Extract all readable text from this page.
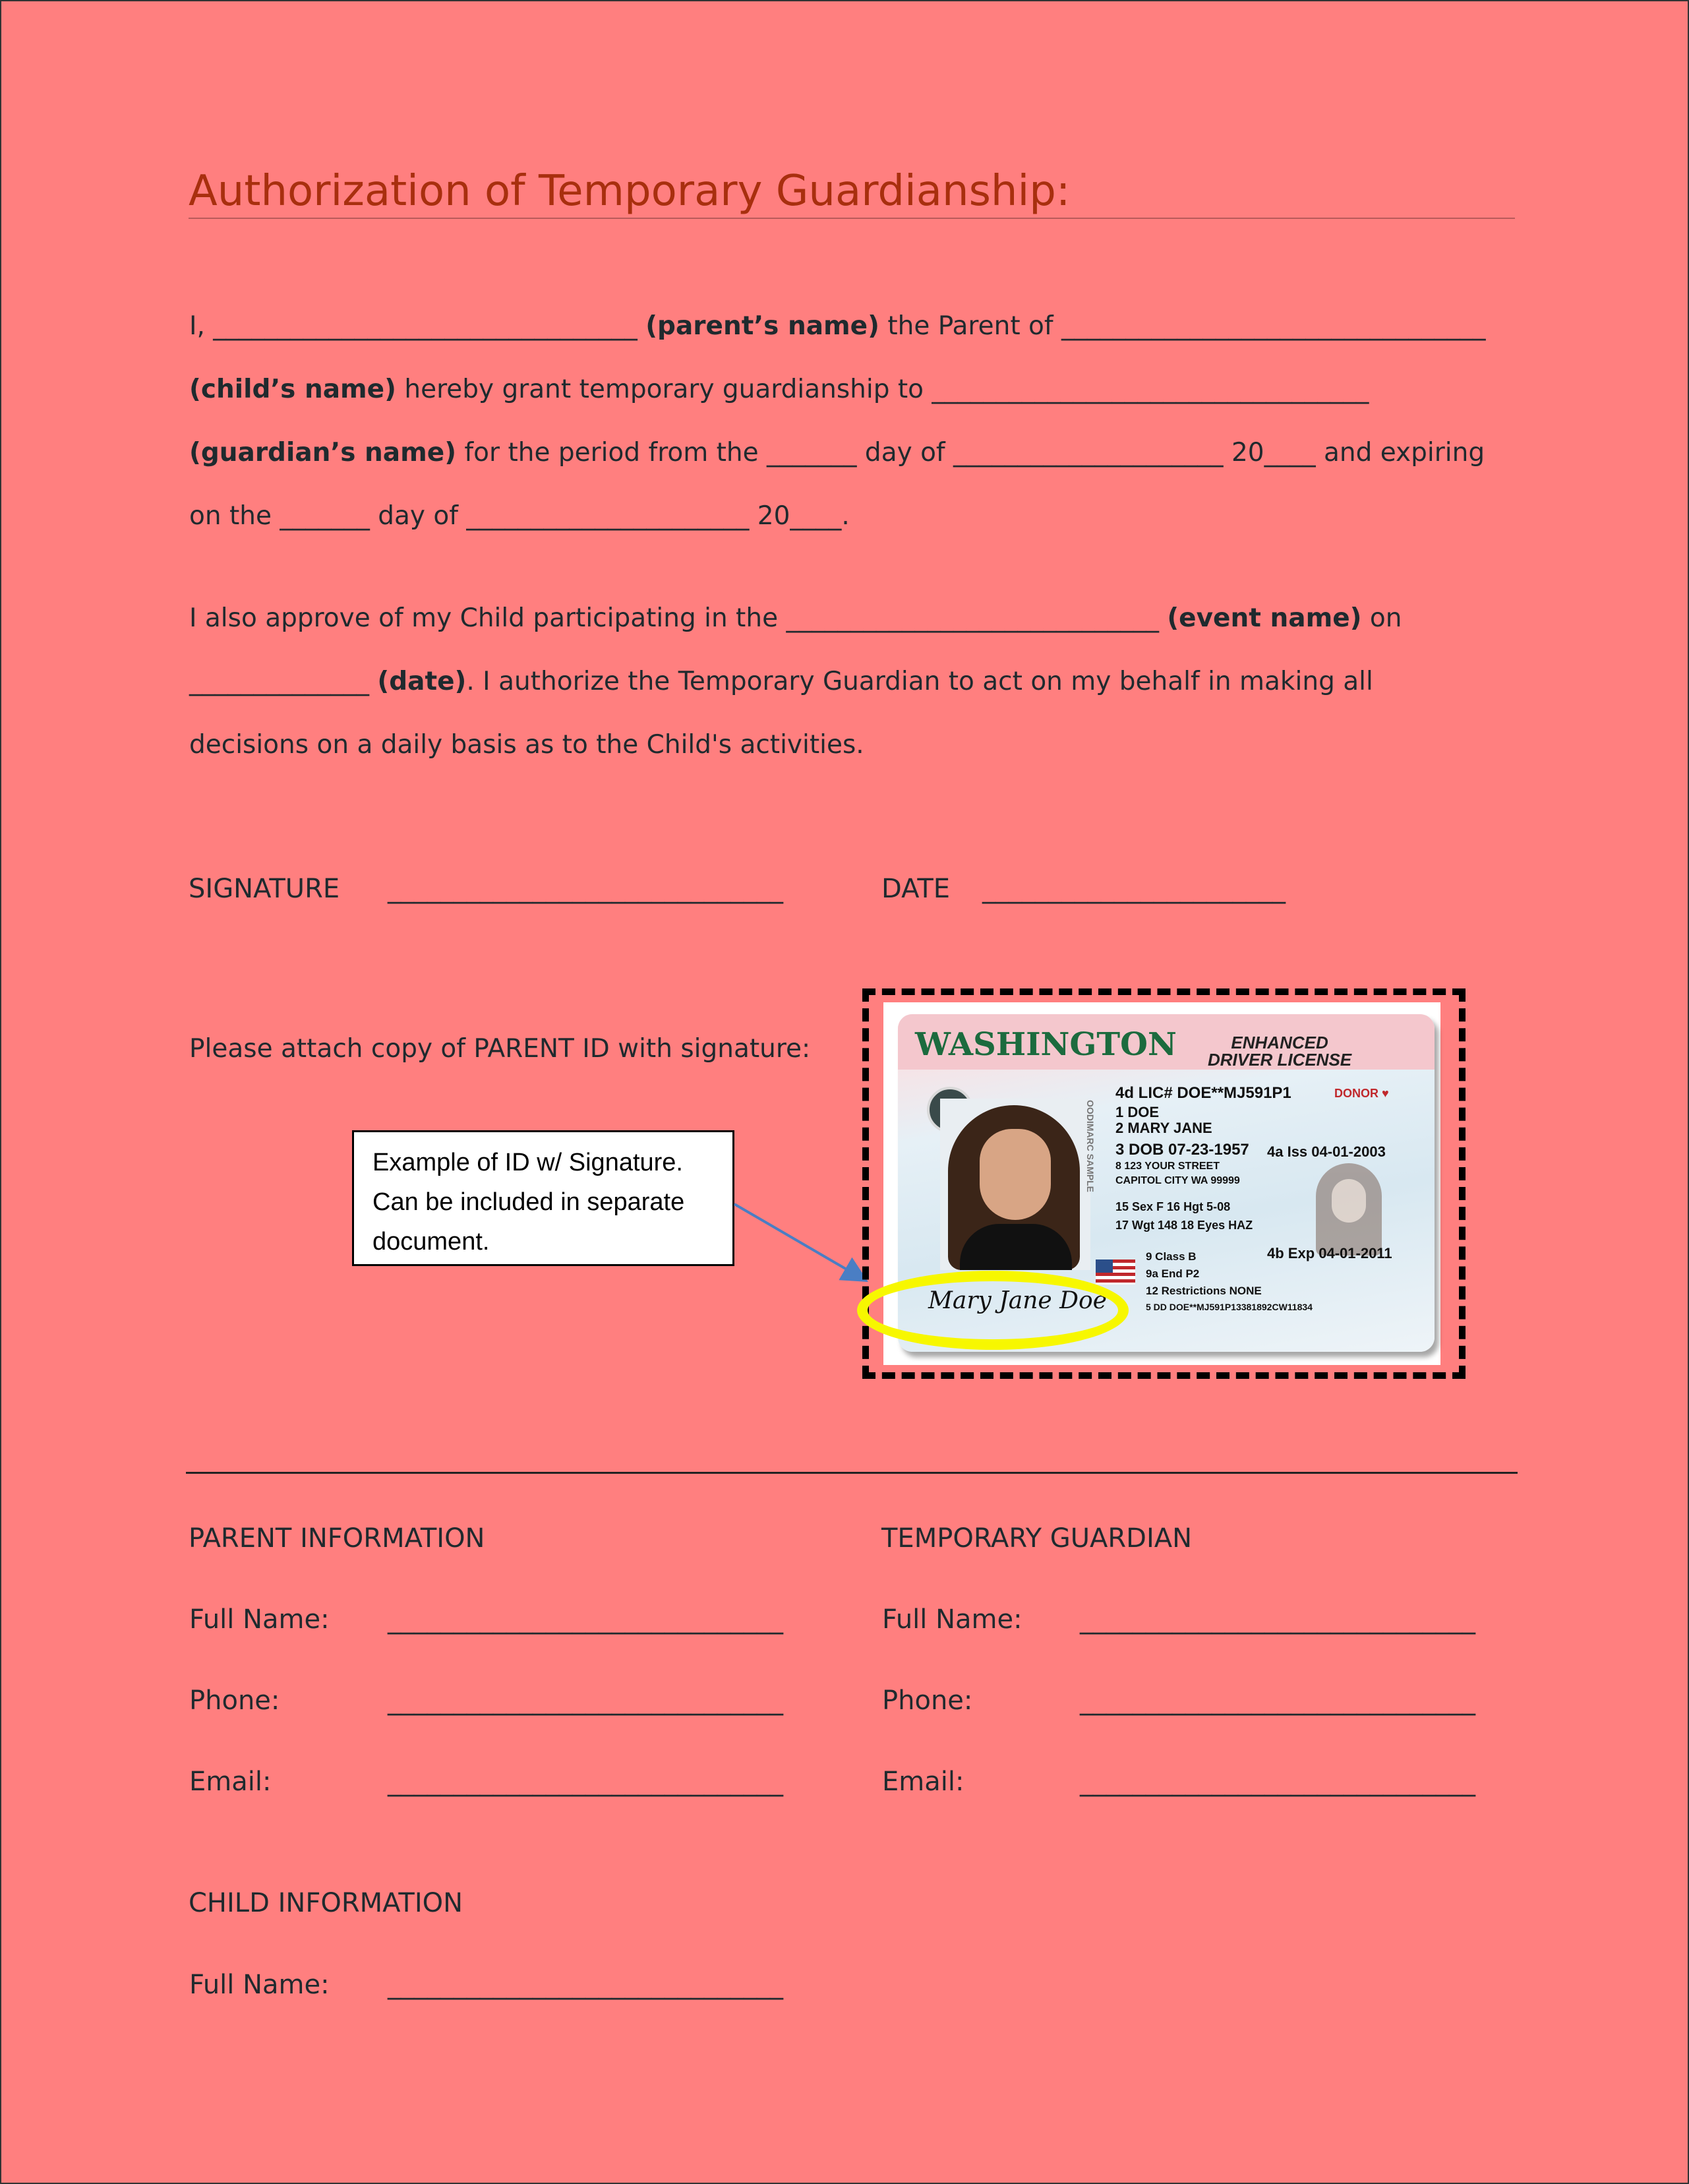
Authorization of Temporary Guardianship:
I, _________________________________ (parent’s name) the Parent of _________________________________
(child’s name) hereby grant temporary guardianship to __________________________________
(guardian’s name) for the period from the _______ day of _____________________ 20____ and expiring
on the _______ day of ______________________ 20____.
I also approve of my Child participating in the _____________________________ (event name) on
______________ (date). I authorize the Temporary Guardian to act on my behalf in making all
decisions on a daily basis as to the Child's activities.
SIGNATURE ______________________________	DATE _______________________
Please attach copy of PARENT ID with signature:
Example of ID w/ Signature. Can be included in separate document.
WASHINGTON	ENHANCED
DRIVER LICENSE
OODIMARC SAMPLE
DONOR ♥
4d LIC# DOE**MJ591P1
1 DOE
2 MARY JANE
3 DOB 07-23-1957
8 123 YOUR STREET
CAPITOL CITY WA 99999
4a Iss 04-01-2003
15 Sex F 16 Hgt 5-08
17 Wgt 148 18 Eyes HAZ
4b Exp 04-01-2011
9 Class B
9a End P2
12 Restrictions NONE
5 DD DOE**MJ591P13381892CW11834
Mary Jane Doe
PARENT INFORMATION
Full Name: ______________________________
Phone:	______________________________
Email:	______________________________
TEMPORARY GUARDIAN
Full Name: ______________________________
Phone:	______________________________
Email:	______________________________
CHILD INFORMATION
Full Name: ______________________________
